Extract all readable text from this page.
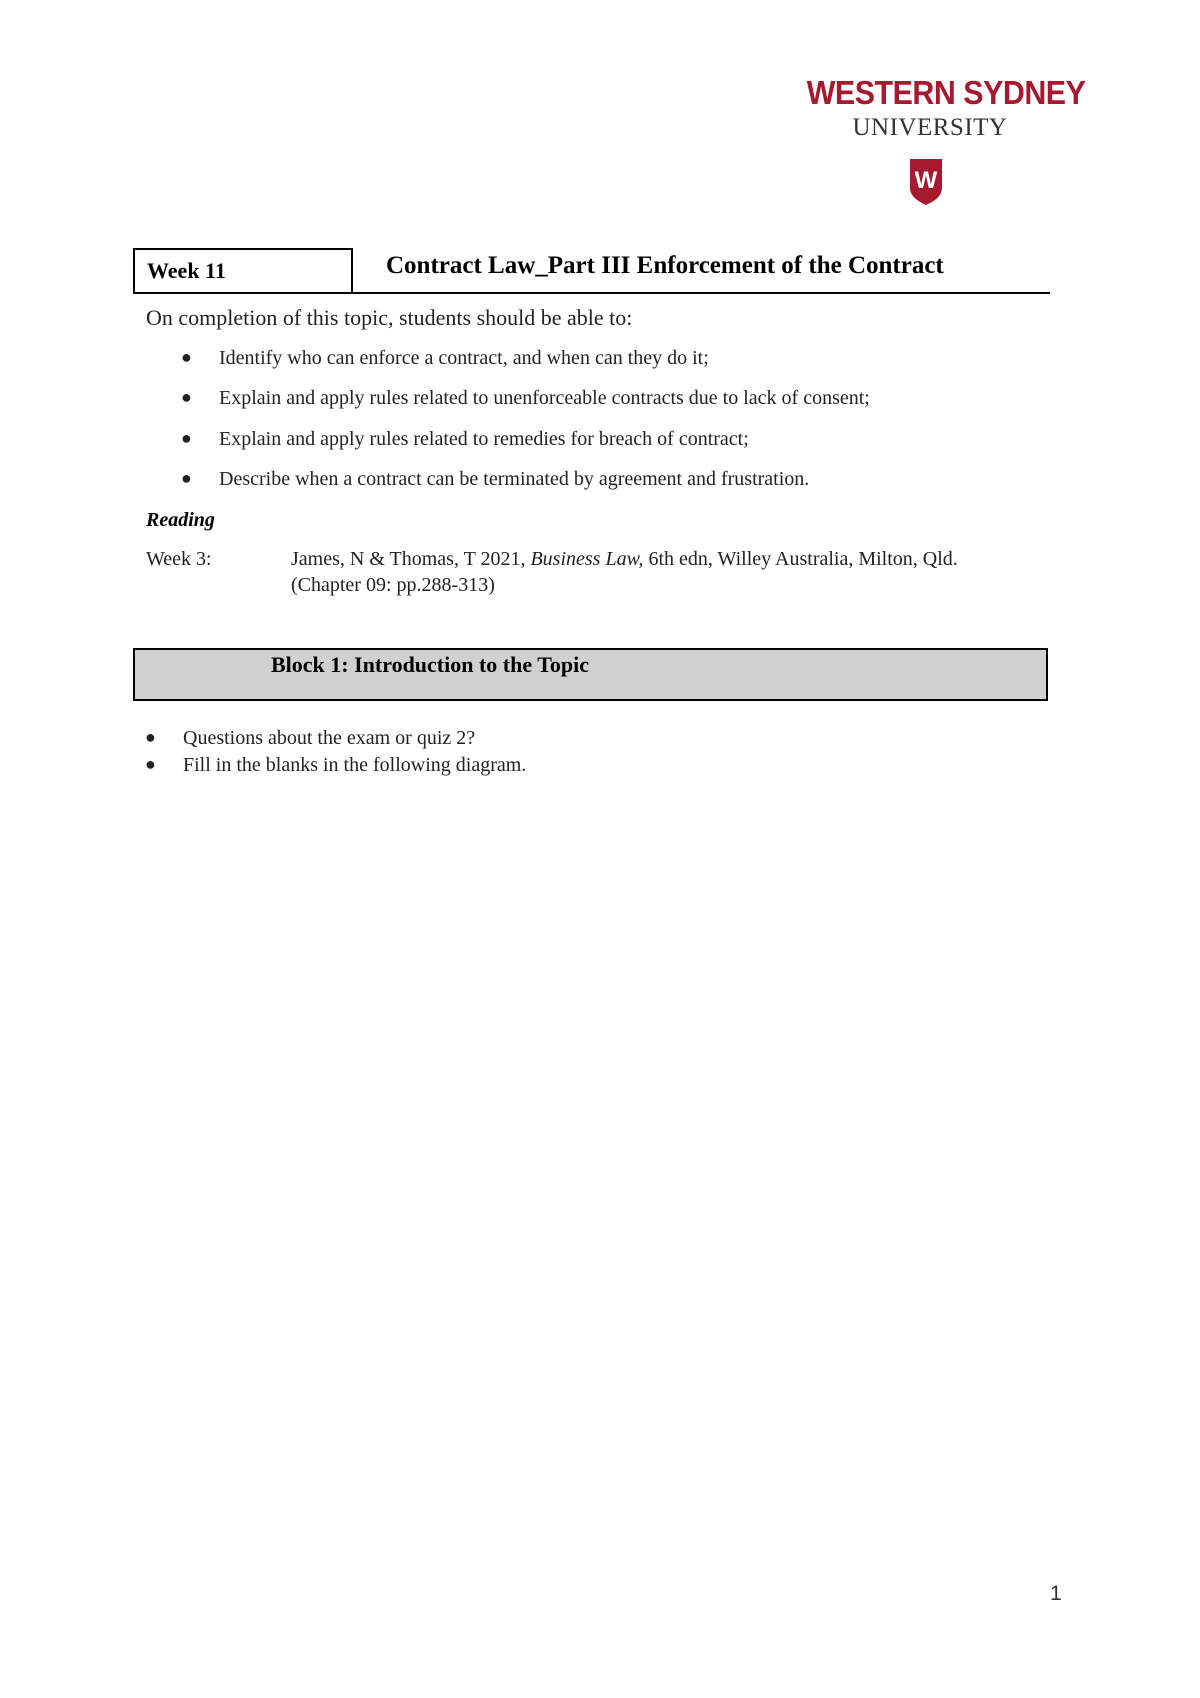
WESTERN SYDNEY
UNIVERSITY
W
Week 11	Contract Law_Part III Enforcement of the Contract
On completion of this topic, students should be able to:
● Identify who can enforce a contract, and when can they do it;
● Explain and apply rules related to unenforceable contracts due to lack of consent;
● Explain and apply rules related to remedies for breach of contract;
● Describe when a contract can be terminated by agreement and frustration.
Reading
Week 3:	James, N & Thomas, T 2021, Business Law, 6th edn, Willey Australia, Milton, Qld.
(Chapter 09: pp.288-313)
Block 1: Introduction to the Topic
● Questions about the exam or quiz 2?
● Fill in the blanks in the following diagram.
1
